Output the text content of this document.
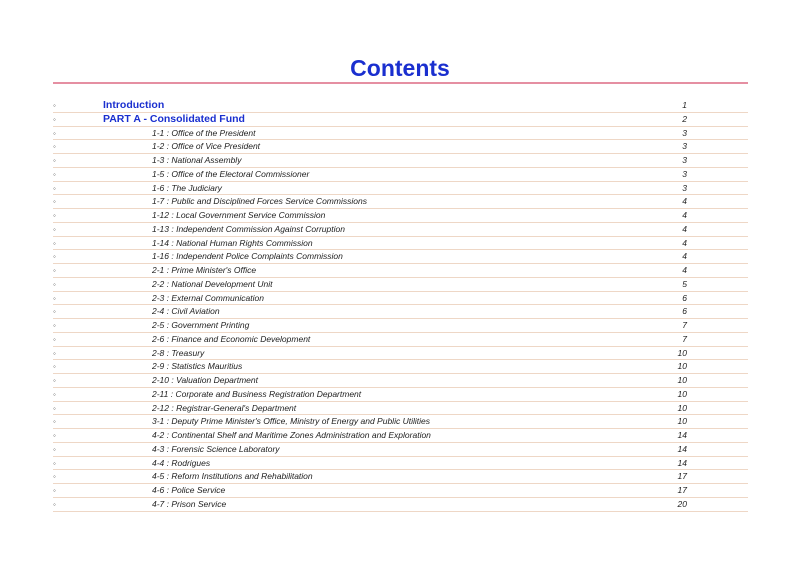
Contents
◦	Introduction	1
◦	PART A - Consolidated Fund	2
◦	1-1 : Office of the President	3
◦	1-2 : Office of Vice President	3
◦	1-3 : National Assembly	3
◦	1-5 : Office of the Electoral Commissioner	3
◦	1-6 : The Judiciary	3
◦	1-7 : Public and Disciplined Forces Service Commissions	4
◦	1-12 : Local Government Service Commission	4
◦	1-13 : Independent Commission Against Corruption	4
◦	1-14 : National Human Rights Commission	4
◦	1-16 : Independent Police Complaints Commission	4
◦	2-1 : Prime Minister's Office	4
◦	2-2 : National Development Unit	5
◦	2-3 : External Communication	6
◦	2-4 : Civil Aviation	6
◦	2-5 : Government Printing	7
◦	2-6 : Finance and Economic Development	7
◦	2-8 : Treasury	10
◦	2-9 : Statistics Mauritius	10
◦	2-10 : Valuation Department	10
◦	2-11 : Corporate and Business Registration Department	10
◦	2-12 : Registrar-General's Department	10
◦	3-1 : Deputy Prime Minister's Office, Ministry of Energy and Public Utilities	10
◦	4-2 : Continental Shelf and Maritime Zones Administration and Exploration	14
◦	4-3 : Forensic Science Laboratory	14
◦	4-4 : Rodrigues	14
◦	4-5 : Reform Institutions and Rehabilitation	17
◦	4-6 : Police Service	17
◦	4-7 : Prison Service	20
